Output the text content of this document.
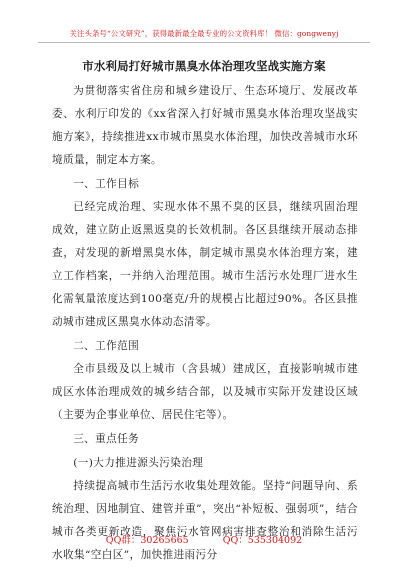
关注头条号“公文研究”，获得最新最全最专业的公文资料库！ 微信：gongwenyj
市水利局打好城市黑臭水体治理攻坚战实施方案

为贯彻落实省住房和城乡建设厅、生态环境厅、发展改革委、水利厅印发的《xx省深入打好城市黑臭水体治理攻坚战实施方案》，持续推进xx市城市黑臭水体治理，加快改善城市水环境质量，制定本方案。

一、工作目标

已经完成治理、实现水体不黑不臭的区县，继续巩固治理成效，建立防止返黑返臭的长效机制。各区县继续开展动态排查，对发现的新增黑臭水体，制定城市黑臭水体治理方案，建立工作档案，一并纳入治理范围。城市生活污水处理厂进水生化需氧量浓度达到100毫克/升的规模占比超过90%。各区县推动城市建成区黑臭水体动态清零。

二、工作范围

全市县级及以上城市（含县城）建成区，直接影响城市建成区水体治理成效的城乡结合部，以及城市实际开发建设区域（主要为企事业单位、居民住宅等）。

三、重点任务

(一)大力推进源头污染治理

持续提高城市生活污水收集处理效能。坚持“问题导向、系统治理、因地制宜、建管并重”，突出“补短板、强弱项”，结合城市各类更新改造，聚焦污水管网病害排查整治和消除生活污水收集“空白区”，加快推进雨污分

QQ群：30265665	QQ：535304092
